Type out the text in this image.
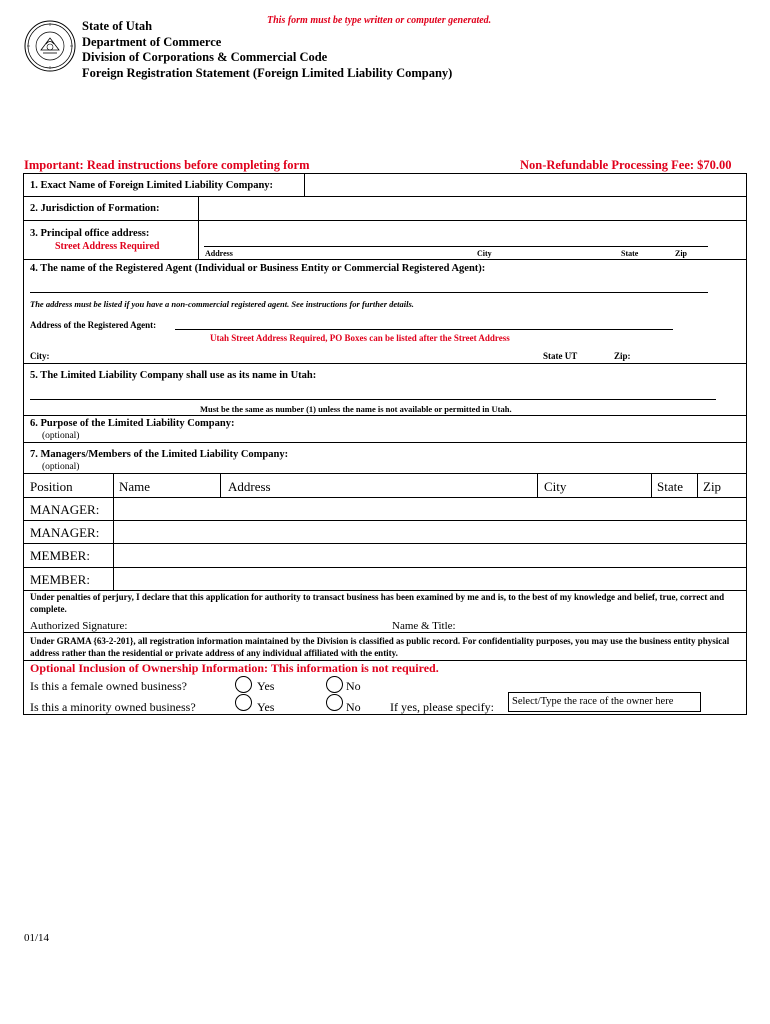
This form must be type written or computer generated.
State of Utah
Department of Commerce
Division of Corporations & Commercial Code
Foreign Registration Statement (Foreign Limited Liability Company)
Important: Read instructions before completing form	Non-Refundable Processing Fee: $70.00
1. Exact Name of Foreign Limited Liability Company:
2. Jurisdiction of Formation:
3. Principal office address:
Street Address Required
Address	City	State	Zip
4. The name of the Registered Agent (Individual or Business Entity or Commercial Registered Agent):
The address must be listed if you have a non-commercial registered agent. See instructions for further details.
Address of the Registered Agent:
Utah Street Address Required, PO Boxes can be listed after the Street Address
City:	State UT	Zip:
5. The Limited Liability Company shall use as its name in Utah:
Must be the same as number (1) unless the name is not available or permitted in Utah.
6. Purpose of the Limited Liability Company:
(optional)
7. Managers/Members of the Limited Liability Company:
(optional)
Position	Name	Address	City	State Zip
MANAGER:
MANAGER:
MEMBER:
MEMBER:
Under penalties of perjury, I declare that this application for authority to transact business has been examined by me and is, to the best of my knowledge and belief, true, correct and complete.
Authorized Signature:	Name & Title:
Under GRAMA {63-2-201}, all registration information maintained by the Division is classified as public record. For confidentiality purposes, you may use the business entity physical address rather than the residential or private address of any individual affiliated with the entity.
Optional Inclusion of Ownership Information: This information is not required.
Is this a female owned business?	Yes	No
Is this a minority owned business?	Yes	No If yes, please specify: Select/Type the race of the owner here
01/14
